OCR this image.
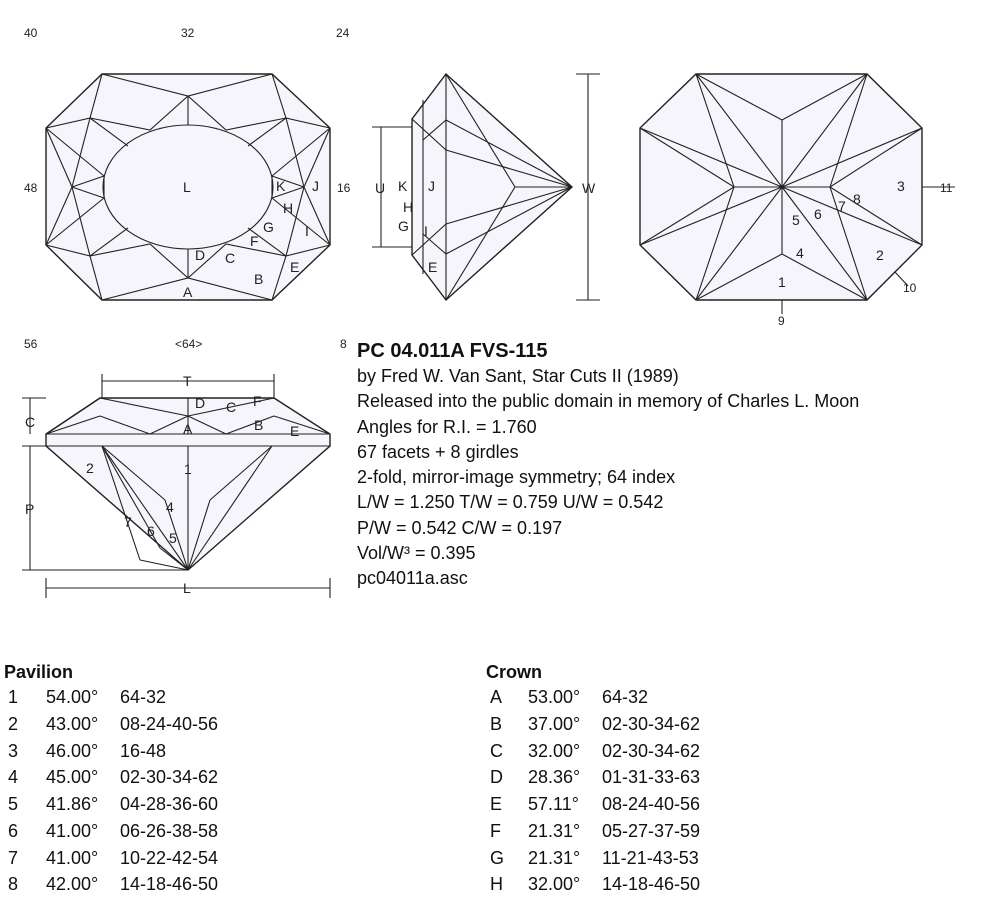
40	32	24
48	16
56	<64>	8
11
10
9
L	K J
H
I
G
F
D C
E
B
A
U K J
H
G I
E
W	3
8
7
6
5
4	2
1
T
D C F
A	B E
1
2
4
7
6 5
C
P
L
PC 04.011A FVS-115
by Fred W. Van Sant, Star Cuts II (1989)
Released into the public domain in memory of Charles L. Moon
Angles for R.I. = 1.760
67 facets + 8 girdles
2-fold, mirror-image symmetry; 64 index
L/W = 1.250 T/W = 0.759 U/W = 0.542
P/W = 0.542 C/W = 0.197
Vol/W³ = 0.395
pc04011a.asc
Pavilion
1 54.00° 64-32
2 43.00° 08-24-40-56
3 46.00° 16-48
4 45.00° 02-30-34-62
5 41.86° 04-28-36-60
6 41.00° 06-26-38-58
7 41.00° 10-22-42-54
8 42.00° 14-18-46-50
Crown
A 53.00° 64-32
B 37.00° 02-30-34-62
C 32.00° 02-30-34-62
D 28.36° 01-31-33-63
E 57.11° 08-24-40-56
F 21.31° 05-27-37-59
G 21.31° 11-21-43-53
H 32.00° 14-18-46-50
